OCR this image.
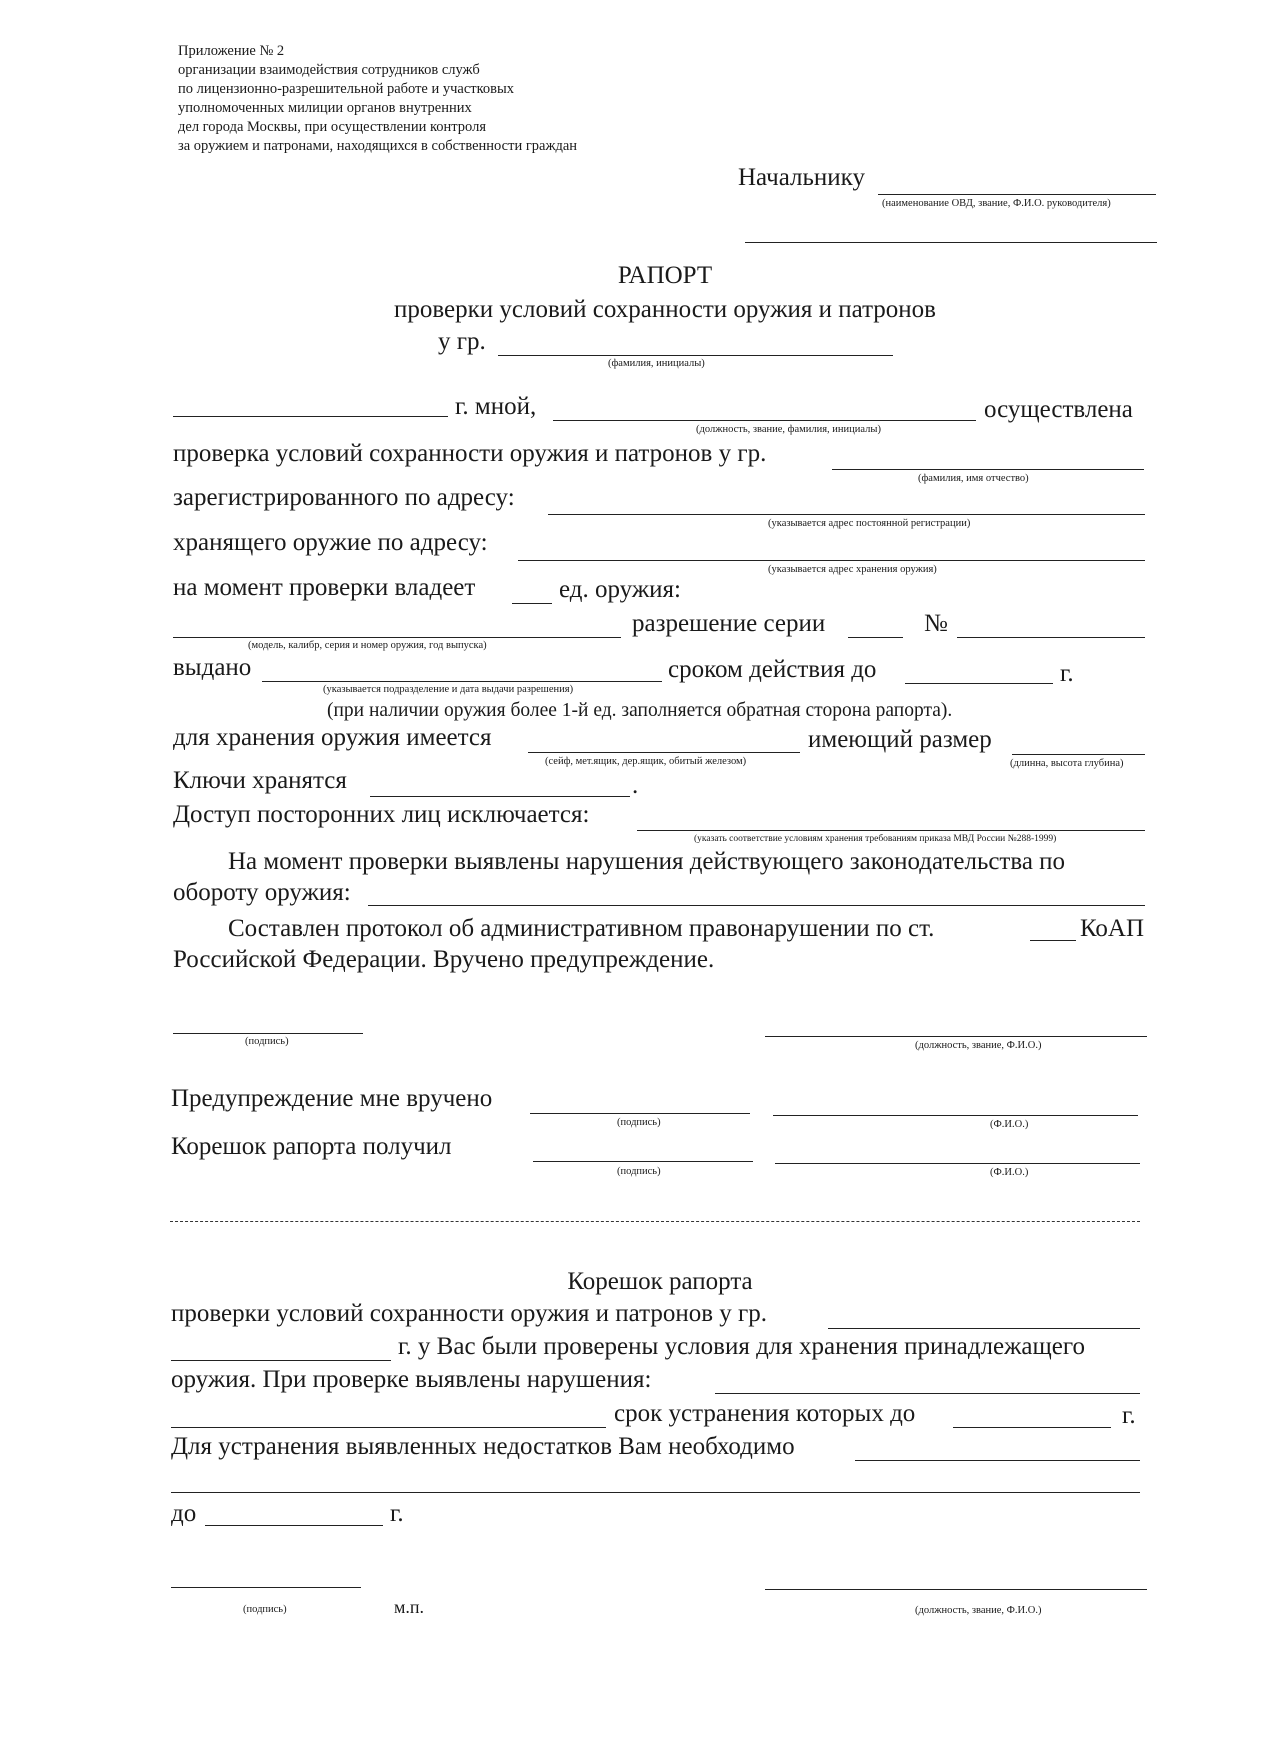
Приложение № 2
организации взаимодействия сотрудников служб
по лицензионно-разрешительной работе и участковых
уполномоченных милиции органов внутренних
дел города Москвы, при осуществлении контроля
за оружием и патронами, находящихся в собственности граждан
Начальнику
(наименование ОВД, звание, Ф.И.О. руководителя)
РАПОРТ
проверки условий сохранности оружия и патронов
у гр.
(фамилия, инициалы)
г. мной,
(должность, звание, фамилия, инициалы)
осуществлена
проверка условий сохранности оружия и патронов у гр.
(фамилия, имя отчество)
зарегистрированного по адресу:
(указывается адрес постоянной регистрации)
хранящего оружие по адресу:
(указывается адрес хранения оружия)
на момент проверки владеет	ед. оружия:
(модель, калибр, серия и номер оружия, год выпуска)
разрешение серии	№
выдано
(указывается подразделение и дата выдачи разрешения)
сроком действия до	г.
(при наличии оружия более 1-й ед. заполняется обратная сторона рапорта).
для хранения оружия имеется
(сейф, мет.ящик, дер.ящик, обитый железом)
имеющий размер
(длинна, высота глубина)
Ключи хранятся	.
Доступ посторонних лиц исключается:
(указать соответствие условиям хранения требованиям приказа МВД России №288-1999)
На момент проверки выявлены нарушения действующего законодательства по
обороту оружия:
Составлен протокол об административном правонарушении по ст.	КоАП
Российской Федерации. Вручено предупреждение.
(подпись)	(должность, звание, Ф.И.О.)
Предупреждение мне вручено
(подпись)	(Ф.И.О.)
Корешок рапорта получил
(подпись)	(Ф.И.О.)
Корешок рапорта
проверки условий сохранности оружия и патронов у гр.
г. у Вас были проверены условия для хранения принадлежащего
оружия. При проверке выявлены нарушения:
срок устранения которых до	г.
Для устранения выявленных недостатков Вам необходимо
до	г.
(подпись)	м.п.	(должность, звание, Ф.И.О.)
